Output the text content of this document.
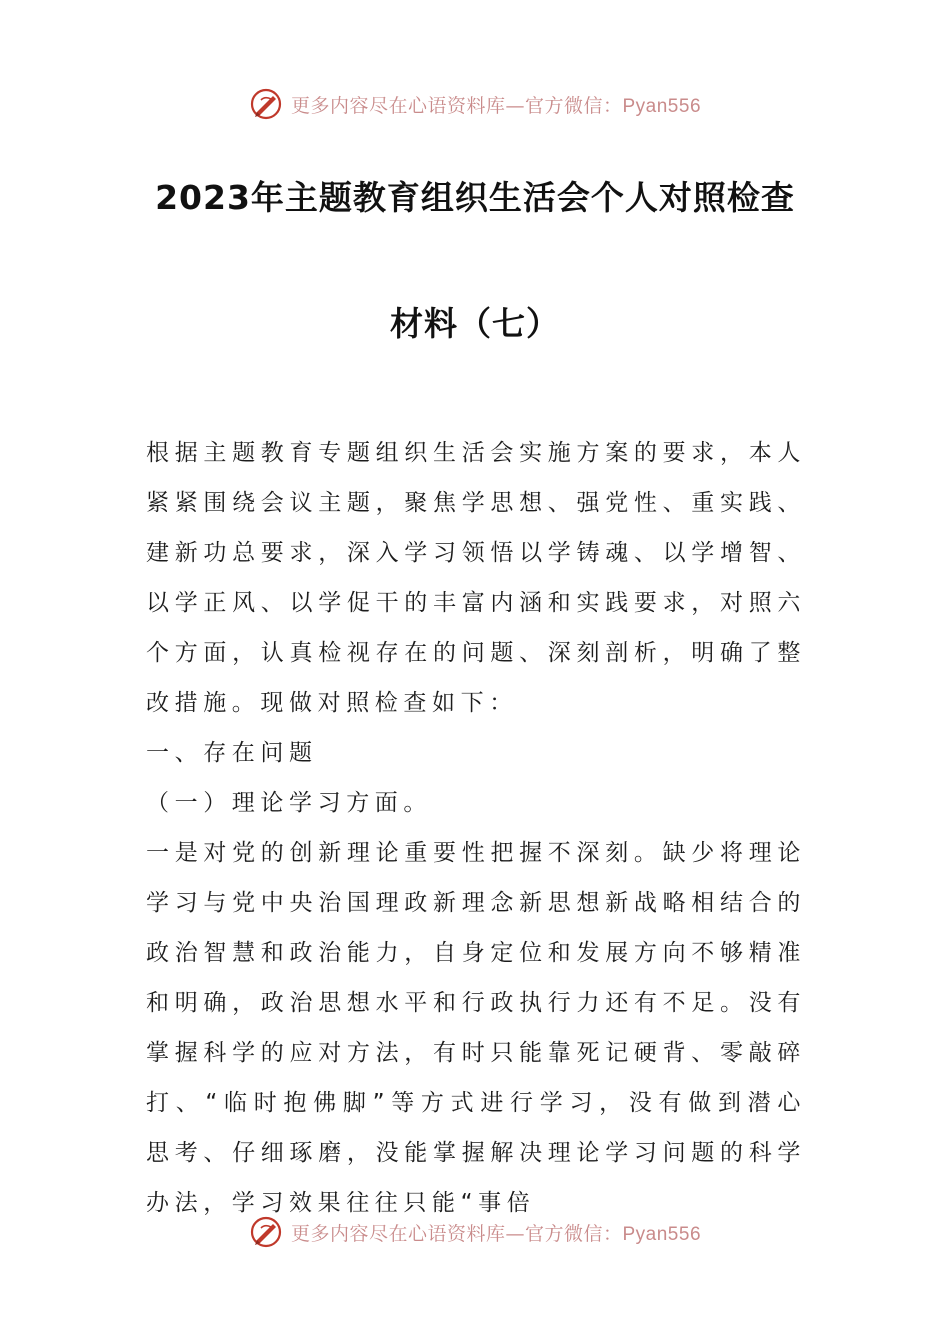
更多内容尽在心语资料库—官方微信：Pyan556
2023年主题教育组织生活会个人对照检查
材料（七）

根据主题教育专题组织生活会实施方案的要求，本人紧紧围绕会议主题，聚焦学思想、强党性、重实践、建新功总要求，深入学习领悟以学铸魂、以学增智、以学正风、以学促干的丰富内涵和实践要求，对照六个方面，认真检视存在的问题、深刻剖析，明确了整改措施。现做对照检查如下：

一、存在问题

（一）理论学习方面。

一是对党的创新理论重要性把握不深刻。缺少将理论学习与党中央治国理政新理念新思想新战略相结合的政治智慧和政治能力，自身定位和发展方向不够精准和明确，政治思想水平和行政执行力还有不足。没有掌握科学的应对方法，有时只能靠死记硬背、零敲碎打、“临时抱佛脚”等方式进行学习，没有做到潜心思考、仔细琢磨，没能掌握解决理论学习问题的科学办法，学习效果往往只能“事倍

更多内容尽在心语资料库—官方微信：Pyan556
